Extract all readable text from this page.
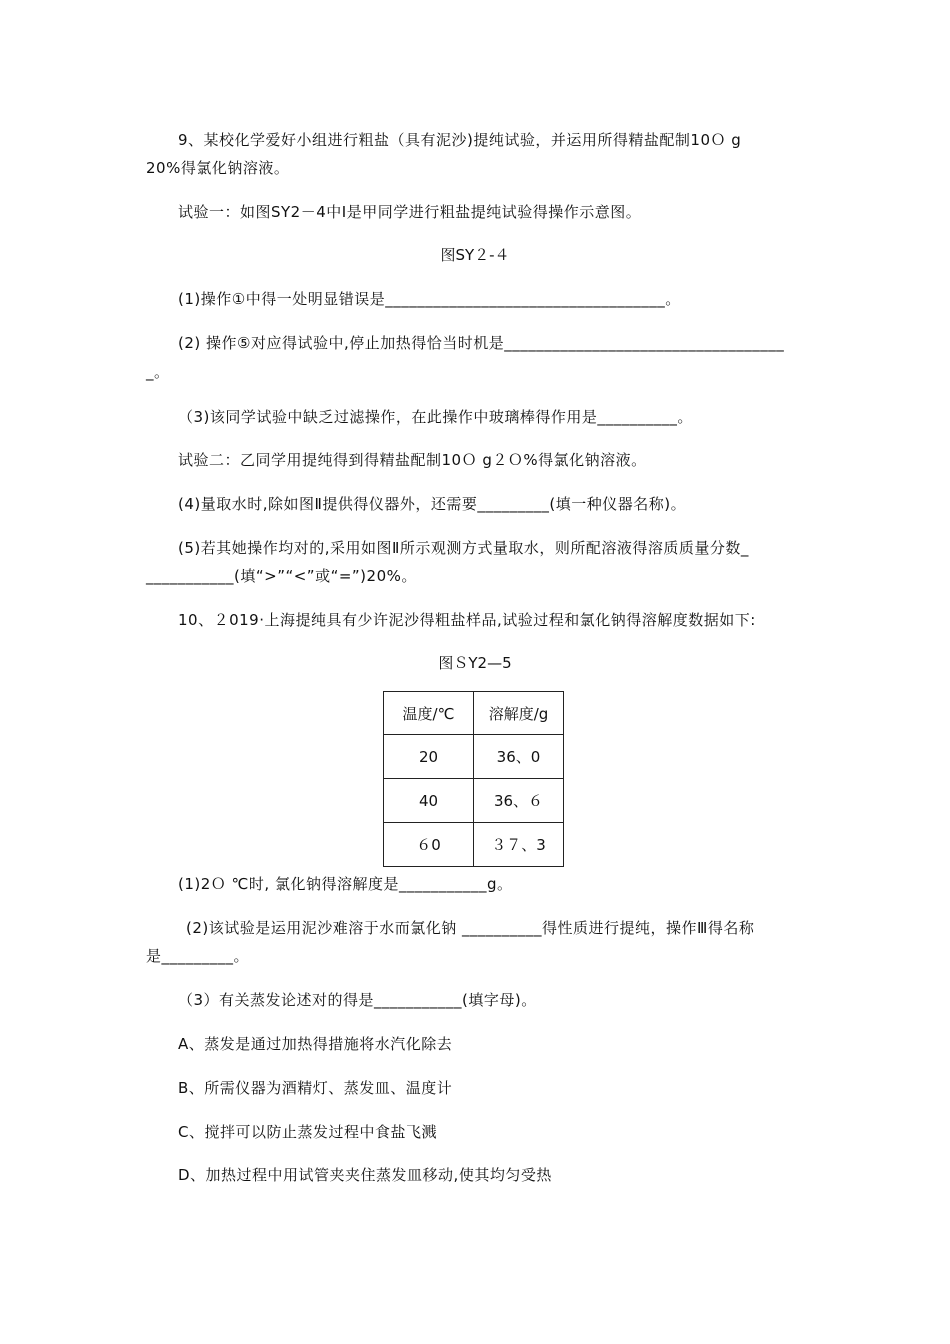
9、某校化学爱好小组进行粗盐（具有泥沙)提纯试验，并运用所得精盐配制10Ｏ g
20%得氯化钠溶液。
试验一：如图SY2－4中Ⅰ是甲同学进行粗盐提纯试验得操作示意图。
图SY２-４
(1)操作①中得一处明显错误是___________________________________。
(2) 操作⑤对应得试验中,停止加热得恰当时机是___________________________________
_。
（3)该同学试验中缺乏过滤操作，在此操作中玻璃棒得作用是__________。
试验二：乙同学用提纯得到得精盐配制10Ｏ g２Ｏ%得氯化钠溶液。
(4)量取水时,除如图Ⅱ提供得仪器外，还需要_________(填一种仪器名称)。
(5)若其她操作均对的,采用如图Ⅱ所示观测方式量取水，则所配溶液得溶质质量分数_
___________(填“>”“<”或“=”)20%。
10、２019·上海提纯具有少许泥沙得粗盐样品,试验过程和氯化钠得溶解度数据如下:
图ＳY2—5
温度/℃	溶解度/g
20	36、0
40	36、６
６0	３７、3
(1)2Ｏ ℃时, 氯化钠得溶解度是___________g。
(2)该试验是运用泥沙难溶于水而氯化钠 __________得性质进行提纯，操作Ⅲ得名称
是_________。
（3）有关蒸发论述对的得是___________(填字母)。
A、蒸发是通过加热得措施将水汽化除去
B、所需仪器为酒精灯、蒸发皿、温度计
C、搅拌可以防止蒸发过程中食盐飞溅
D、加热过程中用试管夹夹住蒸发皿移动,使其均匀受热
